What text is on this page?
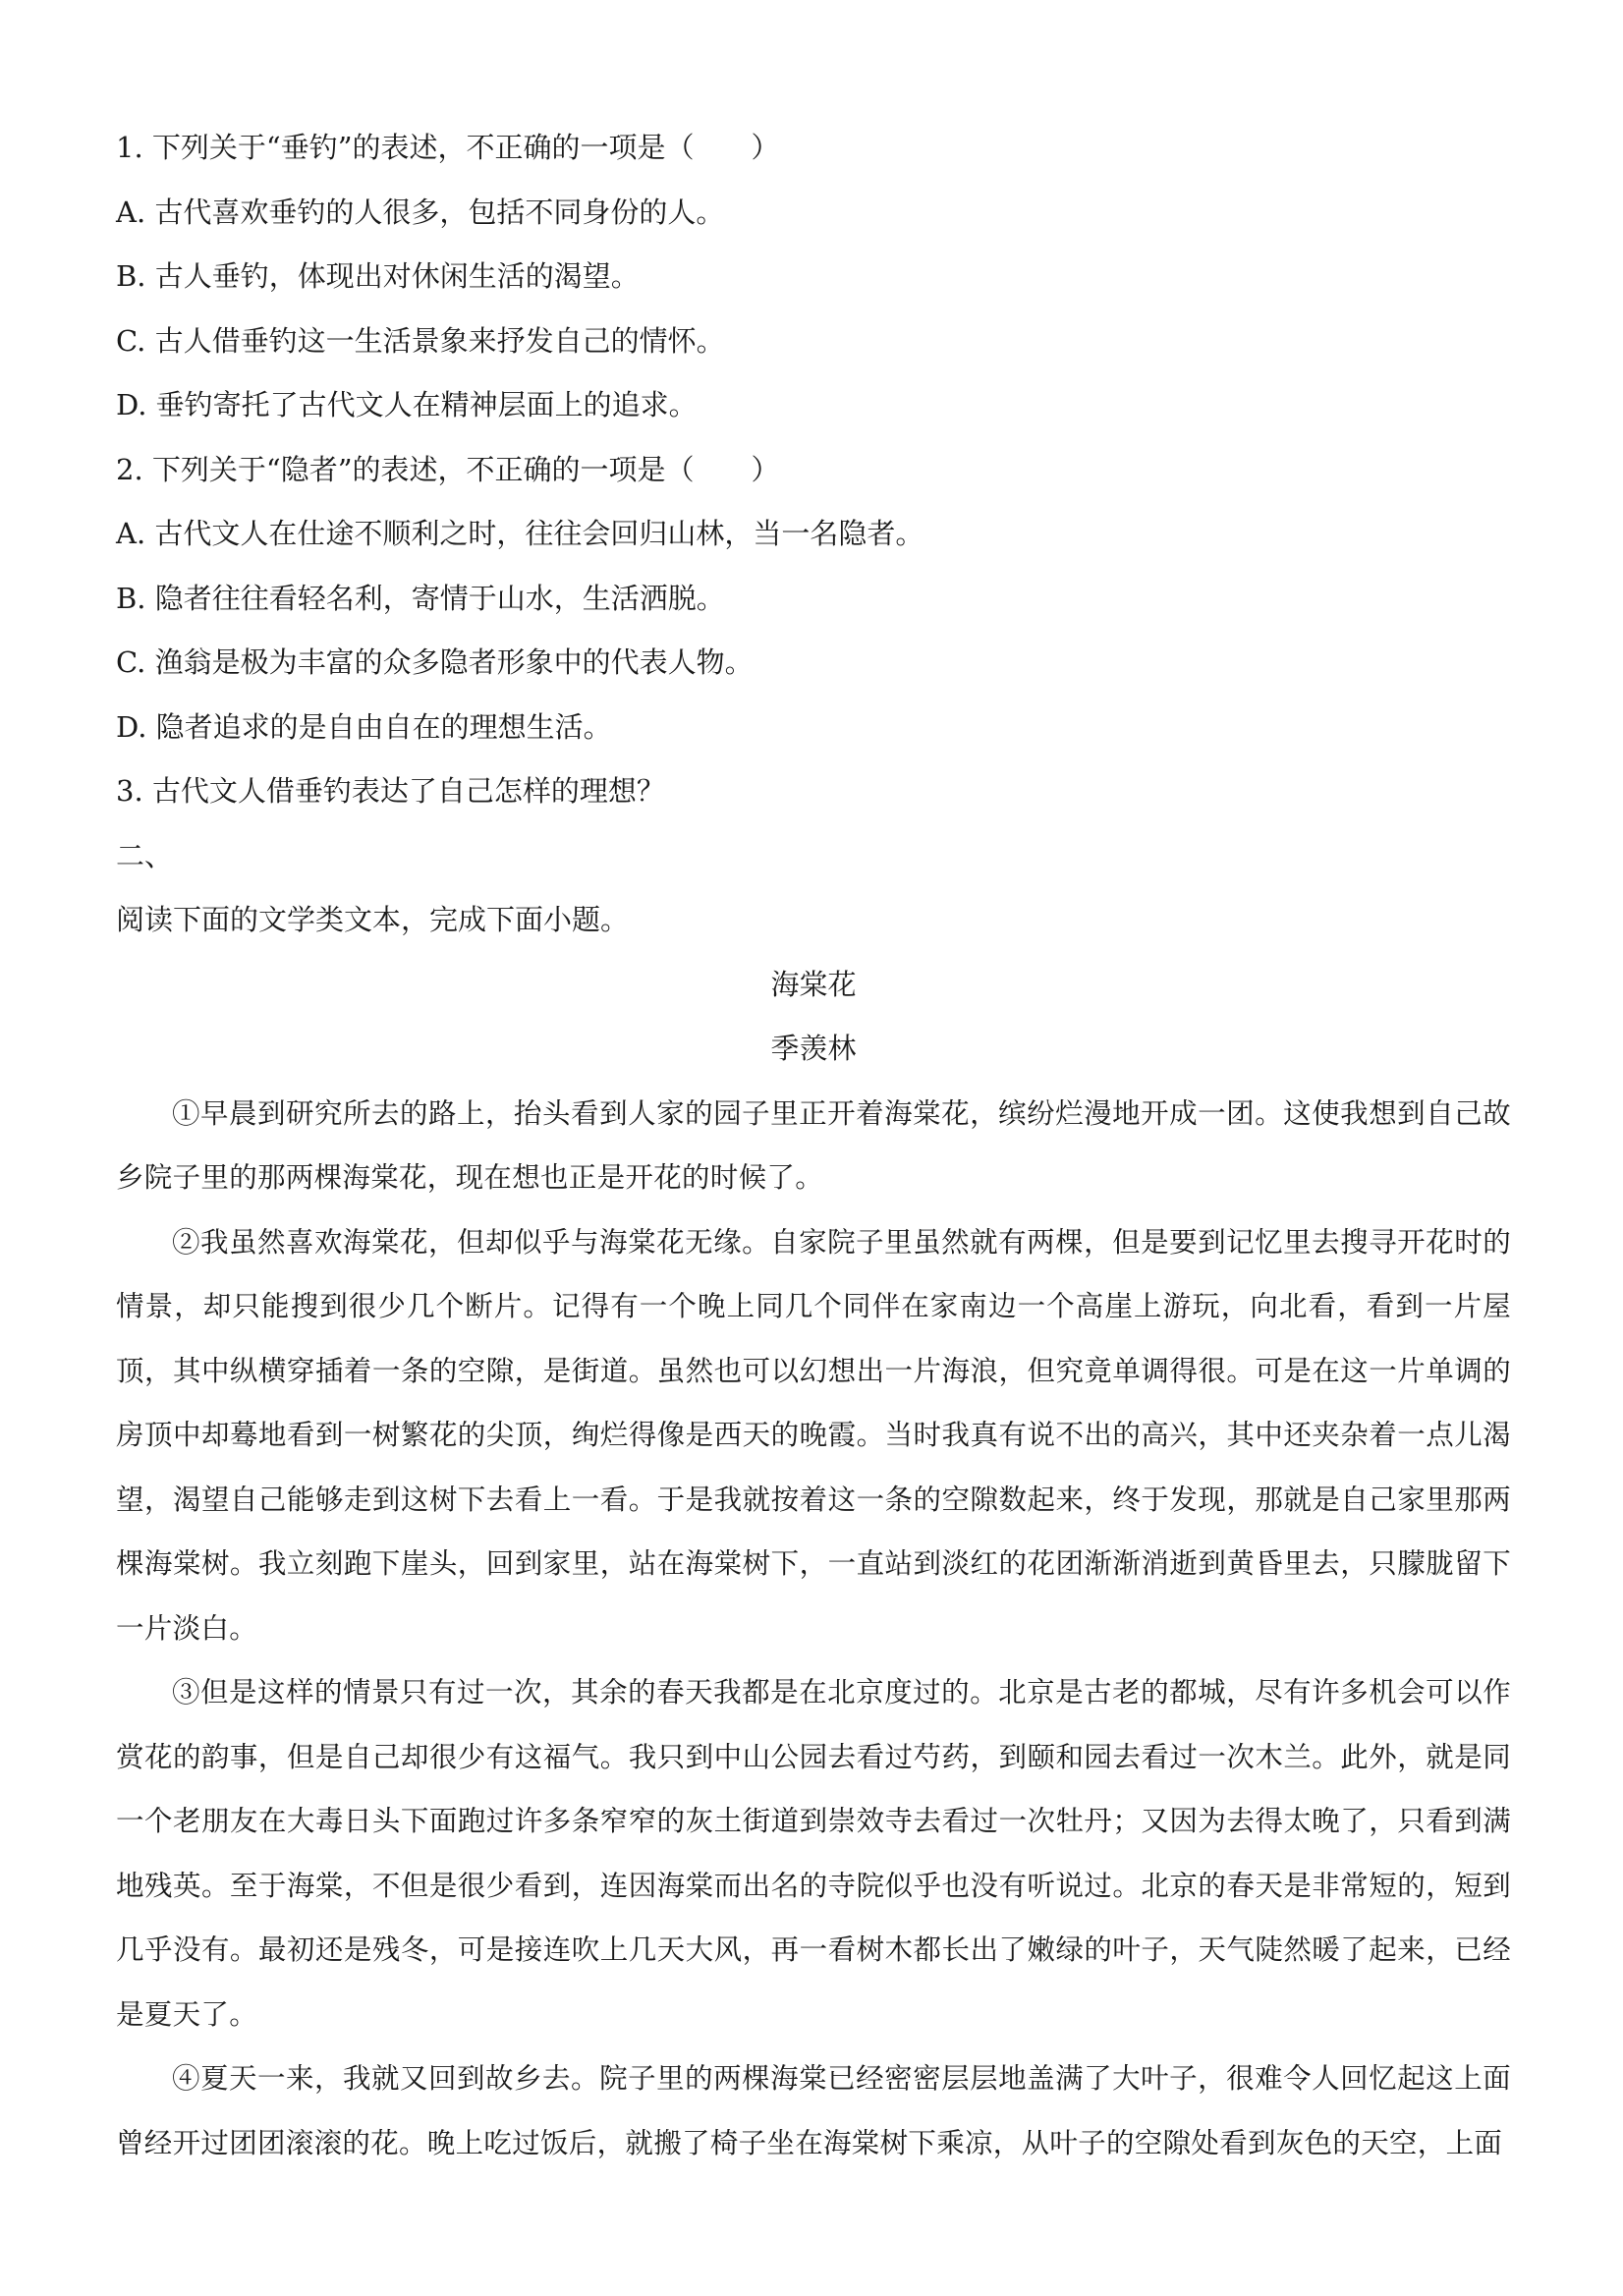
1. 下列关于“垂钓”的表述，不正确的一项是（　　）

A. 古代喜欢垂钓的人很多，包括不同身份的人。

B. 古人垂钓，体现出对休闲生活的渴望。

C. 古人借垂钓这一生活景象来抒发自己的情怀。

D. 垂钓寄托了古代文人在精神层面上的追求。

2. 下列关于“隐者”的表述，不正确的一项是（　　）

A. 古代文人在仕途不顺利之时，往往会回归山林，当一名隐者。

B. 隐者往往看轻名利，寄情于山水，生活洒脱。

C. 渔翁是极为丰富的众多隐者形象中的代表人物。

D. 隐者追求的是自由自在的理想生活。

3. 古代文人借垂钓表达了自己怎样的理想？

二、

阅读下面的文学类文本，完成下面小题。

海棠花

季羡林

①早晨到研究所去的路上，抬头看到人家的园子里正开着海棠花，缤纷烂漫地开成一团。这使我想到自己故乡院子里的那两棵海棠花，现在想也正是开花的时候了。

②我虽然喜欢海棠花，但却似乎与海棠花无缘。自家院子里虽然就有两棵，但是要到记忆里去搜寻开花时的情景，却只能搜到很少几个断片。记得有一个晚上同几个同伴在家南边一个高崖上游玩，向北看，看到一片屋顶，其中纵横穿插着一条的空隙，是街道。虽然也可以幻想出一片海浪，但究竟单调得很。可是在这一片单调的房顶中却蓦地看到一树繁花的尖顶，绚烂得像是西天的晚霞。当时我真有说不出的高兴，其中还夹杂着一点儿渴望，渴望自己能够走到这树下去看上一看。于是我就按着这一条的空隙数起来，终于发现，那就是自己家里那两棵海棠树。我立刻跑下崖头，回到家里，站在海棠树下，一直站到淡红的花团渐渐消逝到黄昏里去，只朦胧留下一片淡白。

③但是这样的情景只有过一次，其余的春天我都是在北京度过的。北京是古老的都城，尽有许多机会可以作赏花的韵事，但是自己却很少有这福气。我只到中山公园去看过芍药，到颐和园去看过一次木兰。此外，就是同一个老朋友在大毒日头下面跑过许多条窄窄的灰土街道到崇效寺去看过一次牡丹；又因为去得太晚了，只看到满地残英。至于海棠，不但是很少看到，连因海棠而出名的寺院似乎也没有听说过。北京的春天是非常短的，短到几乎没有。最初还是残冬，可是接连吹上几天大风，再一看树木都长出了嫩绿的叶子，天气陡然暖了起来，已经是夏天了。

④夏天一来，我就又回到故乡去。院子里的两棵海棠已经密密层层地盖满了大叶子，很难令人回忆起这上面曾经开过团团滚滚的花。晚上吃过饭后，就搬了椅子坐在海棠树下乘凉，从叶子的空隙处看到灰色的天空，上面
